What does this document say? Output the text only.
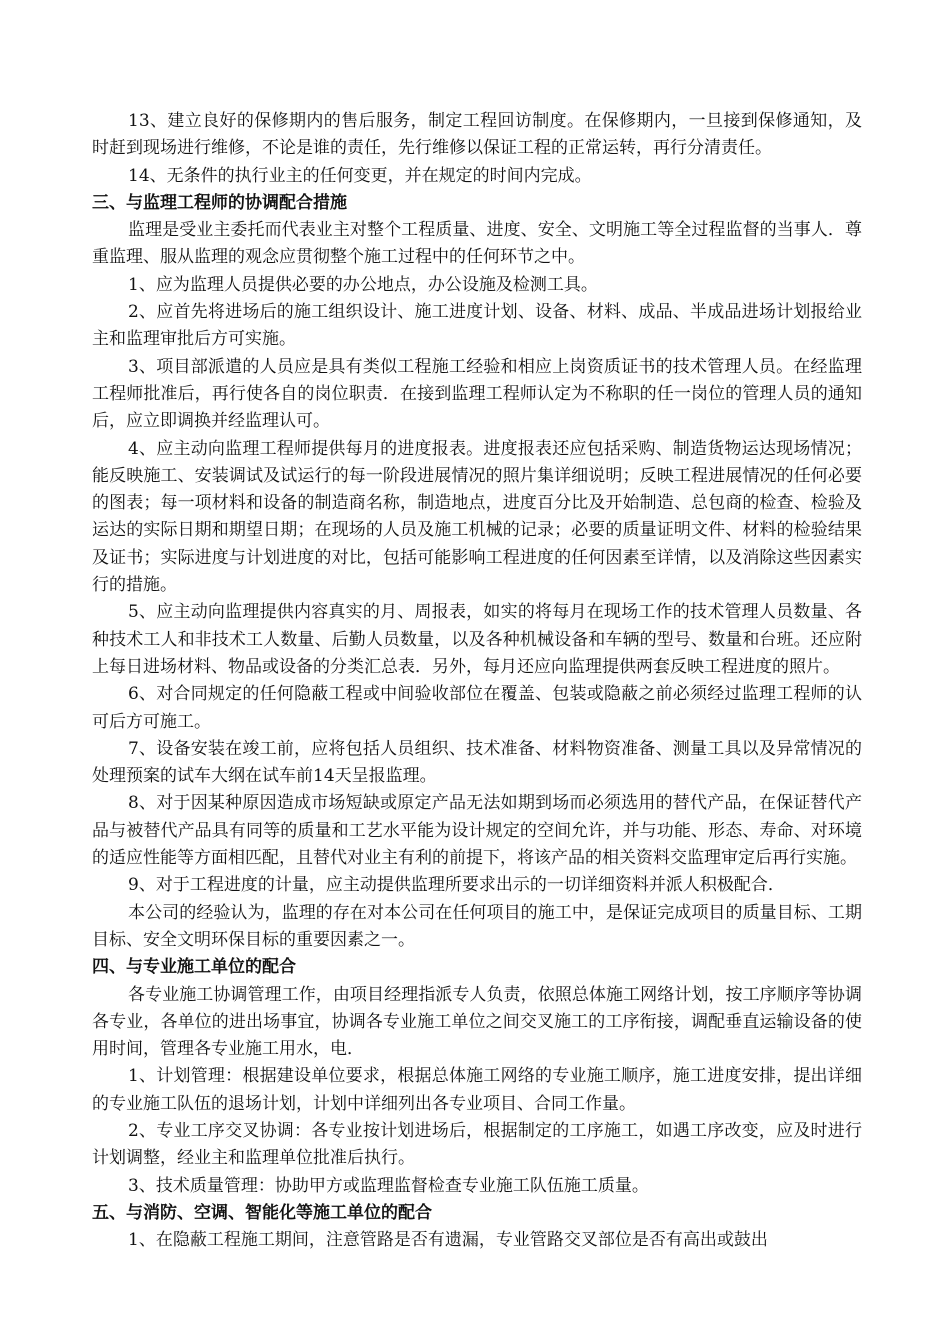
13、建立良好的保修期内的售后服务，制定工程回访制度。在保修期内，一旦接到保修通知，及时赶到现场进行维修，不论是谁的责任，先行维修以保证工程的正常运转，再行分清责任。

14、无条件的执行业主的任何变更，并在规定的时间内完成。

三、与监理工程师的协调配合措施

监理是受业主委托而代表业主对整个工程质量、进度、安全、文明施工等全过程监督的当事人．尊重监理、服从监理的观念应贯彻整个施工过程中的任何环节之中。

1、应为监理人员提供必要的办公地点，办公设施及检测工具。

2、应首先将进场后的施工组织设计、施工进度计划、设备、材料、成品、半成品进场计划报给业主和监理审批后方可实施。

3、项目部派遣的人员应是具有类似工程施工经验和相应上岗资质证书的技术管理人员。在经监理工程师批准后，再行使各自的岗位职责．在接到监理工程师认定为不称职的任一岗位的管理人员的通知后，应立即调换并经监理认可。

4、应主动向监理工程师提供每月的进度报表。进度报表还应包括采购、制造货物运达现场情况；能反映施工、安装调试及试运行的每一阶段进展情况的照片集详细说明；反映工程进展情况的任何必要的图表；每一项材料和设备的制造商名称，制造地点，进度百分比及开始制造、总包商的检查、检验及运达的实际日期和期望日期；在现场的人员及施工机械的记录；必要的质量证明文件、材料的检验结果及证书；实际进度与计划进度的对比，包括可能影响工程进度的任何因素至详情，以及消除这些因素实行的措施。

5、应主动向监理提供内容真实的月、周报表，如实的将每月在现场工作的技术管理人员数量、各种技术工人和非技术工人数量、后勤人员数量，以及各种机械设备和车辆的型号、数量和台班。还应附上每日进场材料、物品或设备的分类汇总表．另外，每月还应向监理提供两套反映工程进度的照片。

6、对合同规定的任何隐蔽工程或中间验收部位在覆盖、包装或隐蔽之前必须经过监理工程师的认可后方可施工。

7、设备安装在竣工前，应将包括人员组织、技术准备、材料物资准备、测量工具以及异常情况的处理预案的试车大纲在试车前14天呈报监理。

8、对于因某种原因造成市场短缺或原定产品无法如期到场而必须选用的替代产品，在保证替代产品与被替代产品具有同等的质量和工艺水平能为设计规定的空间允许，并与功能、形态、寿命、对环境的适应性能等方面相匹配，且替代对业主有利的前提下，将该产品的相关资料交监理审定后再行实施。

9、对于工程进度的计量，应主动提供监理所要求出示的一切详细资料并派人积极配合．

本公司的经验认为，监理的存在对本公司在任何项目的施工中，是保证完成项目的质量目标、工期目标、安全文明环保目标的重要因素之一。

四、与专业施工单位的配合

各专业施工协调管理工作，由项目经理指派专人负责，依照总体施工网络计划，按工序顺序等协调各专业，各单位的进出场事宜，协调各专业施工单位之间交叉施工的工序衔接，调配垂直运输设备的使用时间，管理各专业施工用水，电．

1、计划管理：根据建设单位要求，根据总体施工网络的专业施工顺序，施工进度安排，提出详细的专业施工队伍的退场计划，计划中详细列出各专业项目、合同工作量。

2、专业工序交叉协调：各专业按计划进场后，根据制定的工序施工，如遇工序改变，应及时进行计划调整，经业主和监理单位批准后执行。

3、技术质量管理：协助甲方或监理监督检查专业施工队伍施工质量。

五、与消防、空调、智能化等施工单位的配合

1、在隐蔽工程施工期间，注意管路是否有遗漏，专业管路交叉部位是否有高出或鼓出
